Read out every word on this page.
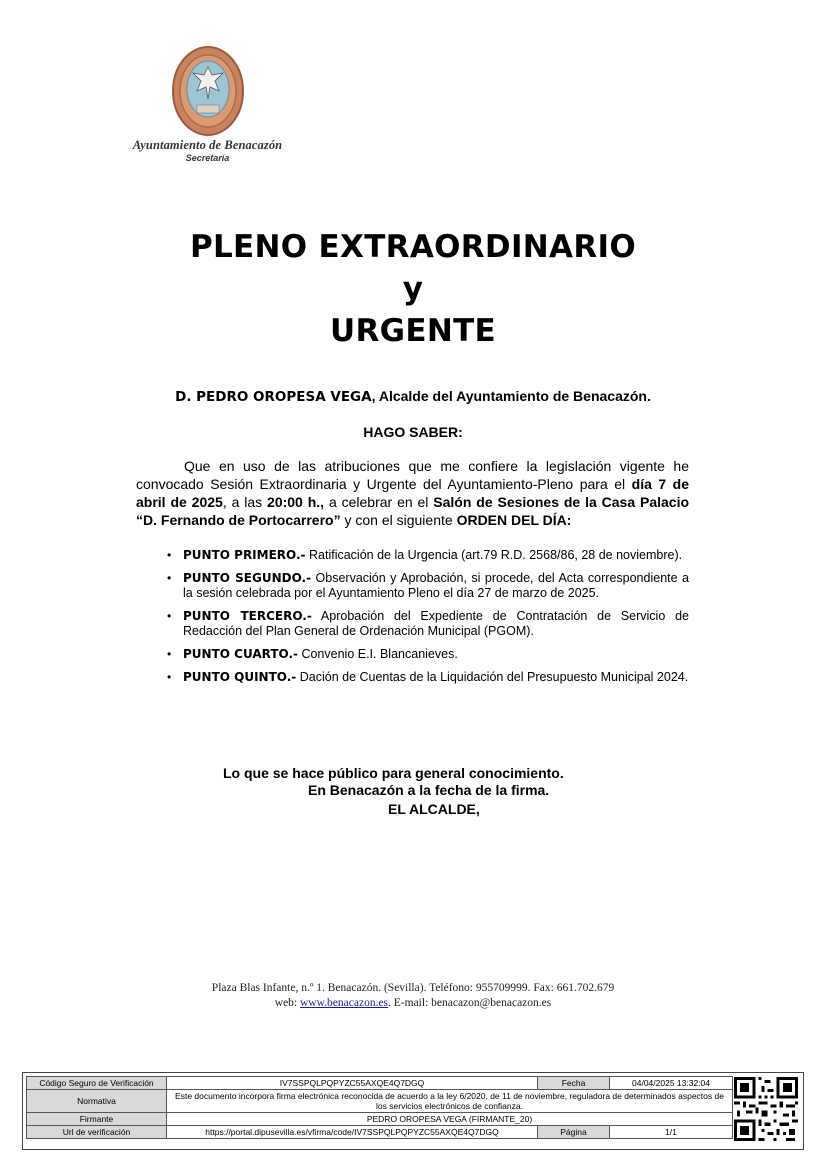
Ayuntamiento de Benacazón
Secretaría
PLENO EXTRAORDINARIO
y
URGENTE
D. PEDRO OROPESA VEGA, Alcalde del Ayuntamiento de Benacazón.
HAGO SABER:
Que en uso de las atribuciones que me confiere la legislación vigente he convocado Sesión Extraordinaria y Urgente del Ayuntamiento-Pleno para el día 7 de abril de 2025, a las 20:00 h., a celebrar en el Salón de Sesiones de la Casa Palacio “D. Fernando de Portocarrero” y con el siguiente ORDEN DEL DÍA:
• PUNTO PRIMERO.- Ratificación de la Urgencia (art.79 R.D. 2568/86, 28 de noviembre).
• PUNTO SEGUNDO.- Observación y Aprobación, si procede, del Acta correspondiente a la sesión celebrada por el Ayuntamiento Pleno el día 27 de marzo de 2025.
• PUNTO TERCERO.- Aprobación del Expediente de Contratación de Servicio de Redacción del Plan General de Ordenación Municipal (PGOM).
• PUNTO CUARTO.- Convenio E.I. Blancanieves.
• PUNTO QUINTO.- Dación de Cuentas de la Liquidación del Presupuesto Municipal 2024.
Lo que se hace público para general conocimiento.
En Benacazón a la fecha de la firma.
EL ALCALDE,
Plaza Blas Infante, n.º 1. Benacazón. (Sevilla). Teléfono: 955709999. Fax: 661.702.679
web: www.benacazon.es. E-mail: benacazon@benacazon.es
Código Seguro de Verificación	IV7SSPQLPQPYZC55AXQE4Q7DGQ	Fecha	04/04/2025 13:32:04
Normativa	Este documento incorpora firma electrónica reconocida de acuerdo a la ley 6/2020, de 11 de noviembre, reguladora de determinados aspectos de los servicios electrónicos de confianza.		
Firmante	PEDRO OROPESA VEGA (FIRMANTE_20)		
Url de verificación	https://portal.dipusevilla.es/vfirma/code/IV7SSPQLPQPYZC55AXQE4Q7DGQ	Página	1/1
